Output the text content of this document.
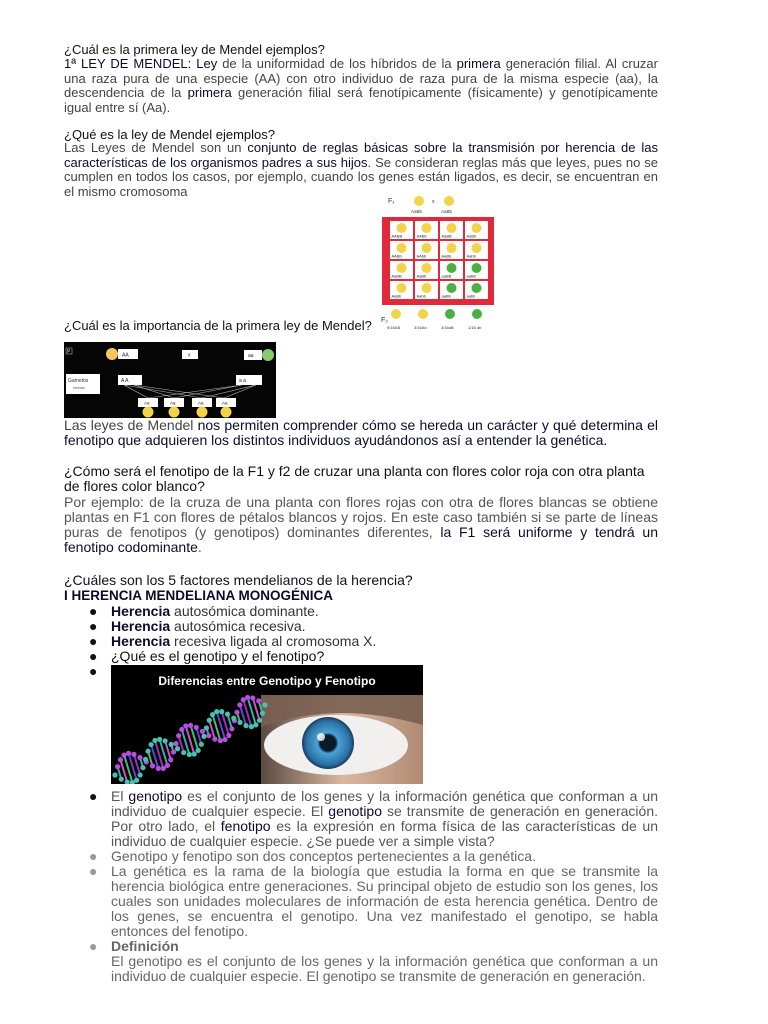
¿Cuál es la primera ley de Mendel ejemplos?
1ª LEY DE MENDEL: Ley de la uniformidad de los híbridos de la primera generación filial. Al cruzar una raza pura de una especie (AA) con otro individuo de raza pura de la misma especie (aa), la descendencia de la primera generación filial será fenotípicamente (físicamente) y genotípicamente igual entre sí (Aa).
¿Qué es la ley de Mendel ejemplos?
Las Leyes de Mendel son un conjunto de reglas básicas sobre la transmisión por herencia de las características de los organismos padres a sus hijos. Se consideran reglas más que leyes, pues no se cumplen en todos los casos, por ejemplo, cuando los genes están ligados, es decir, se encuentran en el mismo cromosoma
F₁
F₂
x
AaBb	AaBb
AABB	AABb	AaBB	AaBb
AABb	AAbb	AaBb	Aabb
AaBB	AaBb	aaBB	aaBb
AaBb	Aabb	aaBb	aabb
9/16AB	3/16Ab	3/16aB	1/16 ab
¿Cuál es la importancia de la primera ley de Mendel?
P
AA	x	aa
Gametos
meiosis
A A	a a
Aa	Aa	Aa	Aa
Las leyes de Mendel nos permiten comprender cómo se hereda un carácter y qué determina el fenotipo que adquieren los distintos individuos ayudándonos así a entender la genética.
¿Cómo será el fenotipo de la F1 y f2 de cruzar una planta con flores color roja con otra planta de flores color blanco?
Por ejemplo: de la cruza de una planta con flores rojas con otra de flores blancas se obtiene plantas en F1 con flores de pétalos blancos y rojos. En este caso también si se parte de líneas puras de fenotipos (y genotipos) dominantes diferentes, la F1 será uniforme y tendrá un fenotipo codominante.
¿Cuáles son los 5 factores mendelianos de la herencia?
I HERENCIA MENDELIANA MONOGÉNICA
● Herencia autosómica dominante.
● Herencia autosómica recesiva.
● Herencia recesiva ligada al cromosoma X.
● ¿Qué es el genotipo y el fenotipo?
●
Diferencias entre Genotipo y Fenotipo
● El genotipo es el conjunto de los genes y la información genética que conforman a un individuo de cualquier especie. El genotipo se transmite de generación en generación. Por otro lado, el fenotipo es la expresión en forma física de las características de un individuo de cualquier especie. ¿Se puede ver a simple vista?
● Genotipo y fenotipo son dos conceptos pertenecientes a la genética.
● La genética es la rama de la biología que estudia la forma en que se transmite la herencia biológica entre generaciones. Su principal objeto de estudio son los genes, los cuales son unidades moleculares de información de esta herencia genética. Dentro de los genes, se encuentra el genotipo. Una vez manifestado el genotipo, se habla entonces del fenotipo.
● Definición
El genotipo es el conjunto de los genes y la información genética que conforman a un individuo de cualquier especie. El genotipo se transmite de generación en generación.
